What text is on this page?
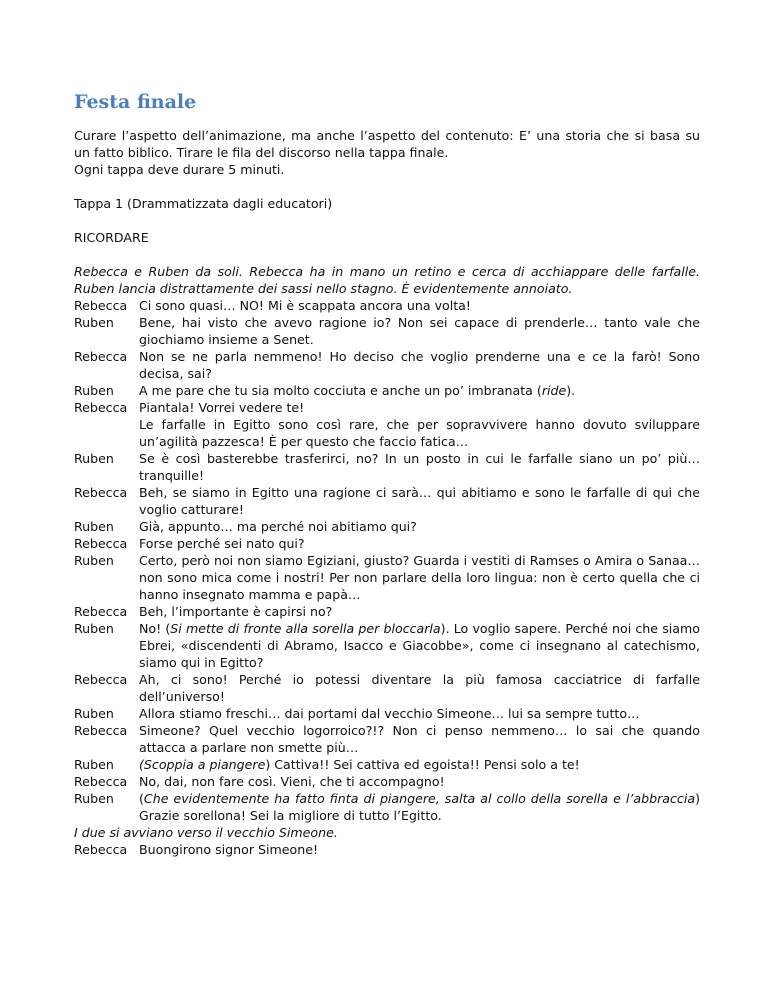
Festa finale

Curare l’aspetto dell’animazione, ma anche l’aspetto del contenuto: E’ una storia che si basa su un fatto biblico. Tirare le fila del discorso nella tappa finale.

Ogni tappa deve durare 5 minuti.

Tappa 1 (Drammatizzata dagli educatori)

RICORDARE

Rebecca e Ruben da soli. Rebecca ha in mano un retino e cerca di acchiappare delle farfalle. Ruben lancia distrattamente dei sassi nello stagno. È evidentemente annoiato.

Rebecca Ci sono quasi… NO! Mi è scappata ancora una volta!
Ruben Bene, hai visto che avevo ragione io? Non sei capace di prenderle… tanto vale che giochiamo insieme a Senet.
Rebecca Non se ne parla nemmeno! Ho deciso che voglio prenderne una e ce la farò! Sono decisa, sai?
Ruben A me pare che tu sia molto cocciuta e anche un po’ imbranata (ride).
Rebecca Piantala! Vorrei vedere te!
Le farfalle in Egitto sono così rare, che per sopravvivere hanno dovuto sviluppare un’agilità pazzesca! È per questo che faccio fatica…
Ruben Se è così basterebbe trasferirci, no? In un posto in cui le farfalle siano un po’ più… tranquille!
Rebecca Beh, se siamo in Egitto una ragione ci sarà… qui abitiamo e sono le farfalle di qui che voglio catturare!
Ruben Già, appunto… ma perché noi abitiamo qui?
Rebecca Forse perché sei nato qui?
Ruben Certo, però noi non siamo Egiziani, giusto? Guarda i vestiti di Ramses o Amira o Sanaa… non sono mica come i nostri! Per non parlare della loro lingua: non è certo quella che ci hanno insegnato mamma e papà…
Rebecca Beh, l’importante è capirsi no?
Ruben No! (Si mette di fronte alla sorella per bloccarla). Lo voglio sapere. Perché noi che siamo Ebrei, «discendenti di Abramo, Isacco e Giacobbe», come ci insegnano al catechismo, siamo qui in Egitto?
Rebecca Ah, ci sono! Perché io potessi diventare la più famosa cacciatrice di farfalle dell’universo!
Ruben Allora stiamo freschi… dai portami dal vecchio Simeone… lui sa sempre tutto…
Rebecca Simeone? Quel vecchio logorroico?!? Non ci penso nemmeno… lo sai che quando attacca a parlare non smette più…
Ruben (Scoppia a piangere) Cattiva!! Sei cattiva ed egoista!! Pensi solo a te!
Rebecca No, dai, non fare così. Vieni, che ti accompagno!
Ruben (Che evidentemente ha fatto finta di piangere, salta al collo della sorella e l’abbraccia) Grazie sorellona! Sei la migliore di tutto l’Egitto.

I due si avviano verso il vecchio Simeone.

Rebecca Buongirono signor Simeone!
